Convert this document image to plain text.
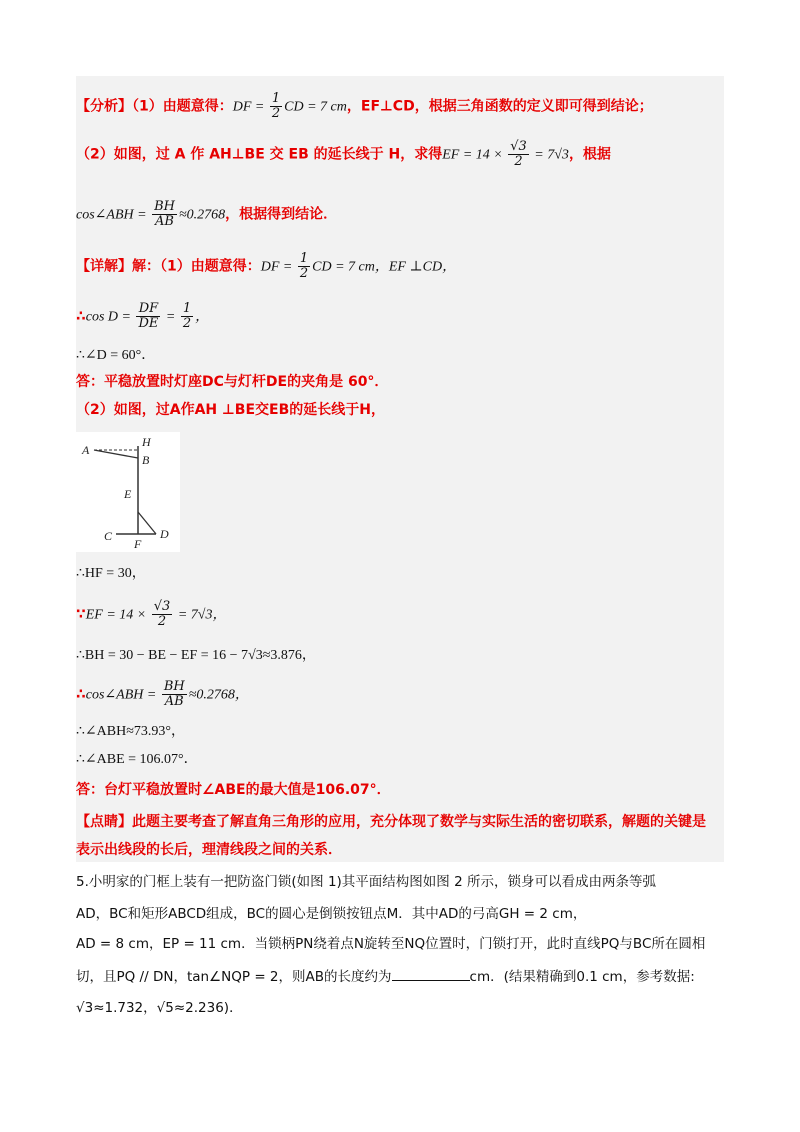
【分析】（1）由题意得：DF = $\frac{1}{2}$ CD = 7 cm，EF⊥CD，根据三角函数的定义即可得到结论；
（2）如图，过 A 作 AH⊥BE 交 EB 的延长线于 H，求得EF = $14 \times \frac{√3}{2} = 7√3$，根据
cos∠ABH = $\frac{BH}{AB} \approx 0.2768$，根据得到结论．
【详解】解：（1）由题意得：DF = $\frac{1}{2}$ CD = 7 cm，EF ⊥CD，
∴cos $D = \frac{DF}{DE} = \frac{1}{2}$ ，
∴∠D = 60°．
答：平稳放置时灯座DC与灯杆DE的夹角是 60°．
（2）如图，过A作AH ⊥BE交EB的延长线于H，
A
H
B
E
C
F
D
∴HF = 30，
∵EF = $14 \times \frac{√3}{2} = 7√3$，
∴BH = 30 − BE − EF = 16 − 7√3≈3.876，
∴cos∠ABH = $\frac{BH}{AB} \approx 0.2768$，
∴∠ABH≈73.93°，
∴∠ABE = 106.07°．
答：台灯平稳放置时∠ABE的最大值是106.07°．
【点睛】此题主要考查了解直角三角形的应用，充分体现了数学与实际生活的密切联系，解题的关键是
表示出线段的长后，理清线段之间的关系．
5.小明家的门框上装有一把防盗门锁(如图 1)其平面结构图如图 2 所示，锁身可以看成由两条等弧
AD，BC和矩形ABCD组成，BC的圆心是倒锁按钮点M．其中AD的弓高GH = 2 cm，
AD = 8 cm，EP = 11 cm．当锁柄PN绕着点N旋转至NQ位置时，门锁打开，此时直线PQ与BC所在圆相
切，且PQ // DN，tan∠NQP = 2，则AB的长度约为	cm．(结果精确到0.1 cm，参考数据:
√3≈1.732，√5≈2.236)．
